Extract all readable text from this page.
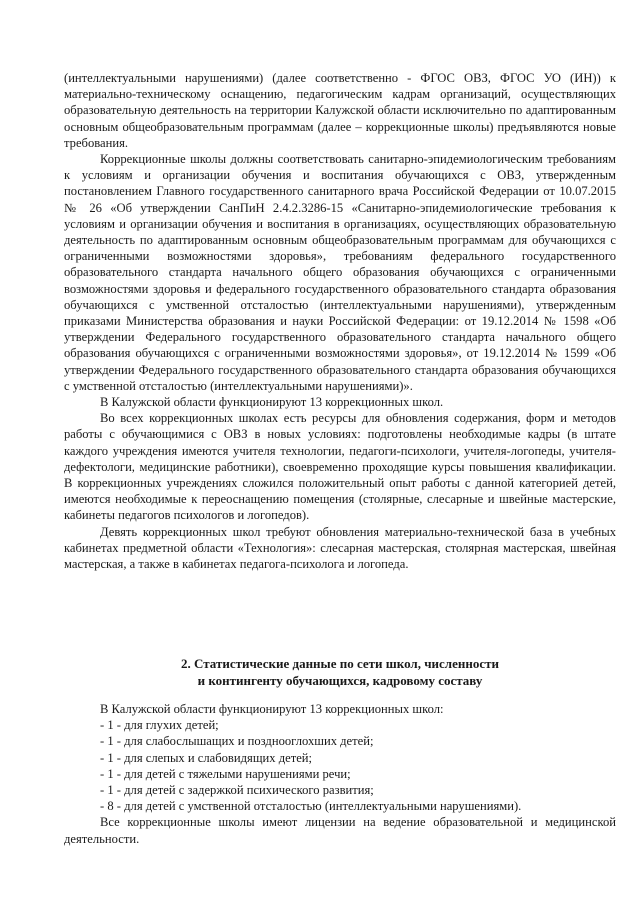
(интеллектуальными нарушениями) (далее соответственно - ФГОС ОВЗ, ФГОС УО (ИН)) к материально-техническому оснащению, педагогическим кадрам организаций, осуществляющих образовательную деятельность на территории Калужской области исключительно по адаптированным основным общеобразовательным программам (далее – коррекционные школы) предъявляются новые требования.

Коррекционные школы должны соответствовать санитарно-эпидемиологическим требованиям к условиям и организации обучения и воспитания обучающихся с ОВЗ, утвержденным постановлением Главного государственного санитарного врача Российской Федерации от 10.07.2015 № 26 «Об утверждении СанПиН 2.4.2.3286-15 «Санитарно-эпидемиологические требования к условиям и организации обучения и воспитания в организациях, осуществляющих образовательную деятельность по адаптированным основным общеобразовательным программам для обучающихся с ограниченными возможностями здоровья», требованиям федерального государственного образовательного стандарта начального общего образования обучающихся с ограниченными возможностями здоровья и федерального государственного образовательного стандарта образования обучающихся с умственной отсталостью (интеллектуальными нарушениями), утвержденным приказами Министерства образования и науки Российской Федерации: от 19.12.2014 № 1598 «Об утверждении Федерального государственного образовательного стандарта начального общего образования обучающихся с ограниченными возможностями здоровья», от 19.12.2014 № 1599 «Об утверждении Федерального государственного образовательного стандарта образования обучающихся с умственной отсталостью (интеллектуальными нарушениями)».

В Калужской области функционируют 13 коррекционных школ.

Во всех коррекционных школах есть ресурсы для обновления содержания, форм и методов работы с обучающимися с ОВЗ в новых условиях: подготовлены необходимые кадры (в штате каждого учреждения имеются учителя технологии, педагоги-психологи, учителя-логопеды, учителя-дефектологи, медицинские работники), своевременно проходящие курсы повышения квалификации. В коррекционных учреждениях сложился положительный опыт работы с данной категорией детей, имеются необходимые к переоснащению помещения (столярные, слесарные и швейные мастерские, кабинеты педагогов психологов и логопедов).

Девять коррекционных школ требуют обновления материально-технической база в учебных кабинетах предметной области «Технология»: слесарная мастерская, столярная мастерская, швейная мастерская, а также в кабинетах педагога-психолога и логопеда.

2. Статистические данные по сети школ, численности
и контингенту обучающихся, кадровому составу

В Калужской области функционируют 13 коррекционных школ:

- 1 - для глухих детей;

- 1 - для слабослышащих и позднооглохших детей;

- 1 - для слепых и слабовидящих детей;

- 1 - для детей с тяжелыми нарушениями речи;

- 1 - для детей с задержкой психического развития;

- 8 - для детей с умственной отсталостью (интеллектуальными нарушениями).

Все коррекционные школы имеют лицензии на ведение образовательной и медицинской деятельности.
